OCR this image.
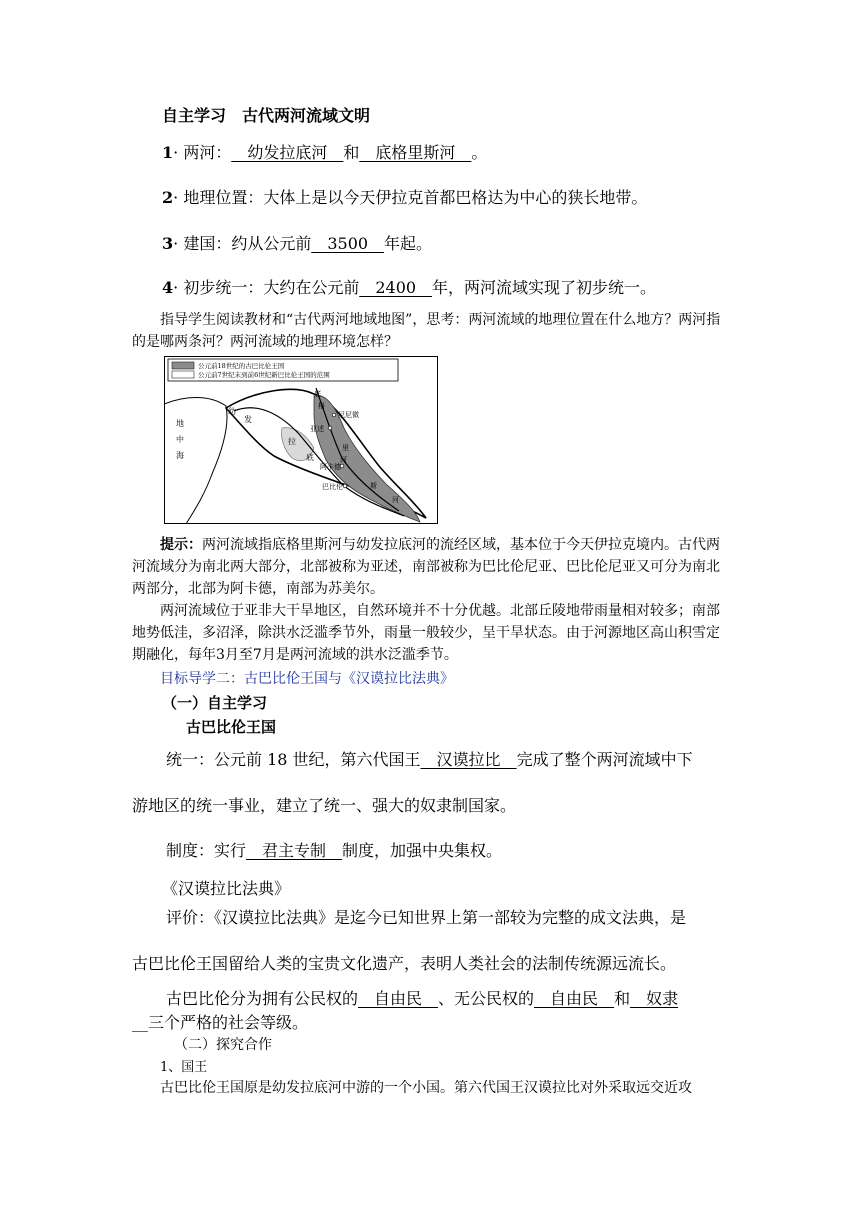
自主学习　古代两河流域文明
1· 两河：__幼发拉底河__和__底格里斯河__。
2· 地理位置：大体上是以今天伊拉克首都巴格达为中心的狭长地带。
3· 建国：约从公元前__3500__年起。
4· 初步统一：大约在公元前__2400__年，两河流域实现了初步统一。
指导学生阅读教材和“古代两河地域地图”，思考：两河流域的地理位置在什么地方？两河指的是哪两条河？两河流域的地理环境怎样？
公元前18世纪的古巴比伦王国
公元前7世纪末到前6世纪新巴比伦王国的范围
地
中
海
幼
发
拉
底
底
格
里
河
斯
河
尼尼微
亚述
阿卡德
巴比伦
提示：两河流域指底格里斯河与幼发拉底河的流经区域，基本位于今天伊拉克境内。古代两河流域分为南北两大部分，北部被称为亚述，南部被称为巴比伦尼亚、巴比伦尼亚又可分为南北两部分，北部为阿卡德，南部为苏美尔。
两河流域位于亚非大干旱地区，自然环境并不十分优越。北部丘陵地带雨量相对较多；南部地势低洼，多沼泽，除洪水泛滥季节外，雨量一般较少，呈干旱状态。由于河源地区高山积雪定期融化，每年3月至7月是两河流域的洪水泛滥季节。
目标导学二：古巴比伦王国与《汉谟拉比法典》
（一）自主学习
古巴比伦王国
统一：公元前 18 世纪，第六代国王__汉谟拉比__完成了整个两河流域中下
游地区的统一事业，建立了统一、强大的奴隶制国家。
制度：实行__君主专制__制度，加强中央集权。
《汉谟拉比法典》
评价：《汉谟拉比法典》是迄今已知世界上第一部较为完整的成文法典，是
古巴比伦王国留给人类的宝贵文化遗产，表明人类社会的法制传统源远流长。
古巴比伦分为拥有公民权的__自由民__、无公民权的__自由民__和__奴隶
__三个严格的社会等级。
（二）探究合作
1、国王
古巴比伦王国原是幼发拉底河中游的一个小国。第六代国王汉谟拉比对外采取远交近攻
